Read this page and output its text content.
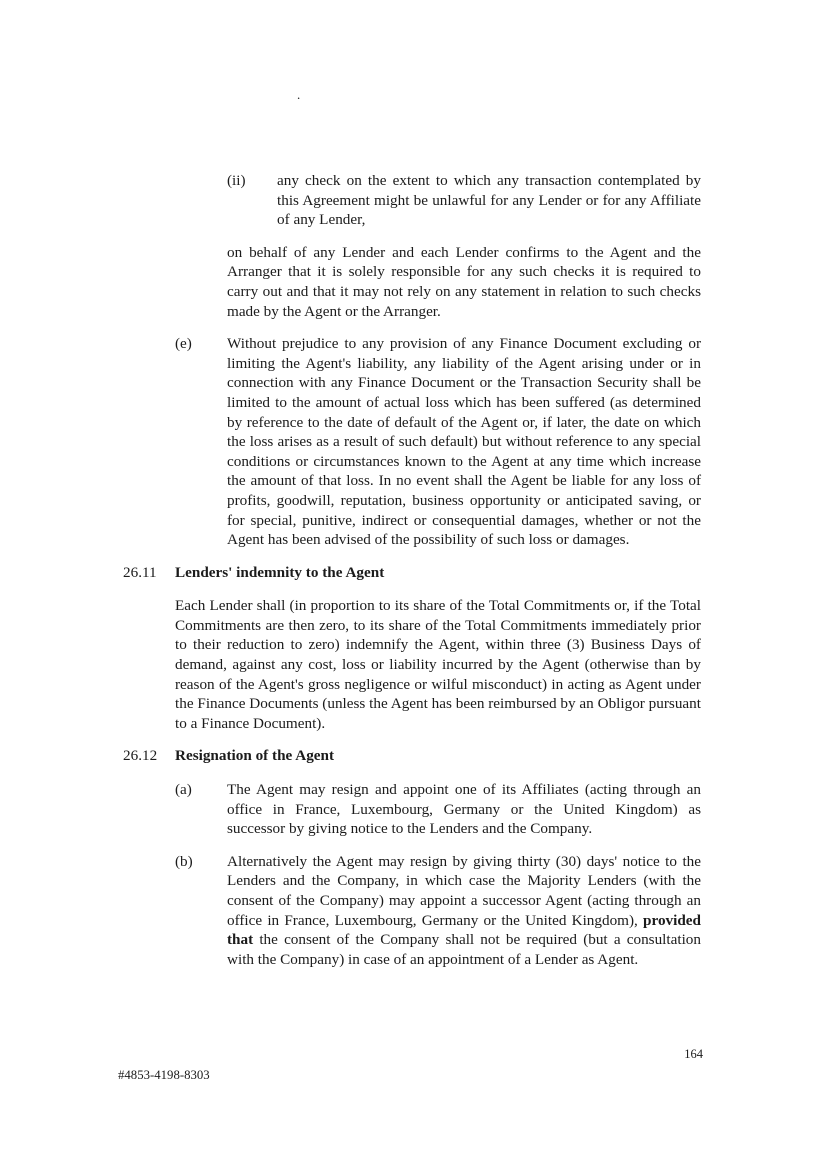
.
(ii)	any check on the extent to which any transaction contemplated by this Agreement might be unlawful for any Lender or for any Affiliate of any Lender,
on behalf of any Lender and each Lender confirms to the Agent and the Arranger that it is solely responsible for any such checks it is required to carry out and that it may not rely on any statement in relation to such checks made by the Agent or the Arranger.
(e)	Without prejudice to any provision of any Finance Document excluding or limiting the Agent's liability, any liability of the Agent arising under or in connection with any Finance Document or the Transaction Security shall be limited to the amount of actual loss which has been suffered (as determined by reference to the date of default of the Agent or, if later, the date on which the loss arises as a result of such default) but without reference to any special conditions or circumstances known to the Agent at any time which increase the amount of that loss. In no event shall the Agent be liable for any loss of profits, goodwill, reputation, business opportunity or anticipated saving, or for special, punitive, indirect or consequential damages, whether or not the Agent has been advised of the possibility of such loss or damages.
26.11	Lenders' indemnity to the Agent
Each Lender shall (in proportion to its share of the Total Commitments or, if the Total Commitments are then zero, to its share of the Total Commitments immediately prior to their reduction to zero) indemnify the Agent, within three (3) Business Days of demand, against any cost, loss or liability incurred by the Agent (otherwise than by reason of the Agent's gross negligence or wilful misconduct) in acting as Agent under the Finance Documents (unless the Agent has been reimbursed by an Obligor pursuant to a Finance Document).
26.12	Resignation of the Agent
(a)	The Agent may resign and appoint one of its Affiliates (acting through an office in France, Luxembourg, Germany or the United Kingdom) as successor by giving notice to the Lenders and the Company.
(b)	Alternatively the Agent may resign by giving thirty (30) days' notice to the Lenders and the Company, in which case the Majority Lenders (with the consent of the Company) may appoint a successor Agent (acting through an office in France, Luxembourg, Germany or the United Kingdom), provided that the consent of the Company shall not be required (but a consultation with the Company) in case of an appointment of a Lender as Agent.
164
#4853-4198-8303
